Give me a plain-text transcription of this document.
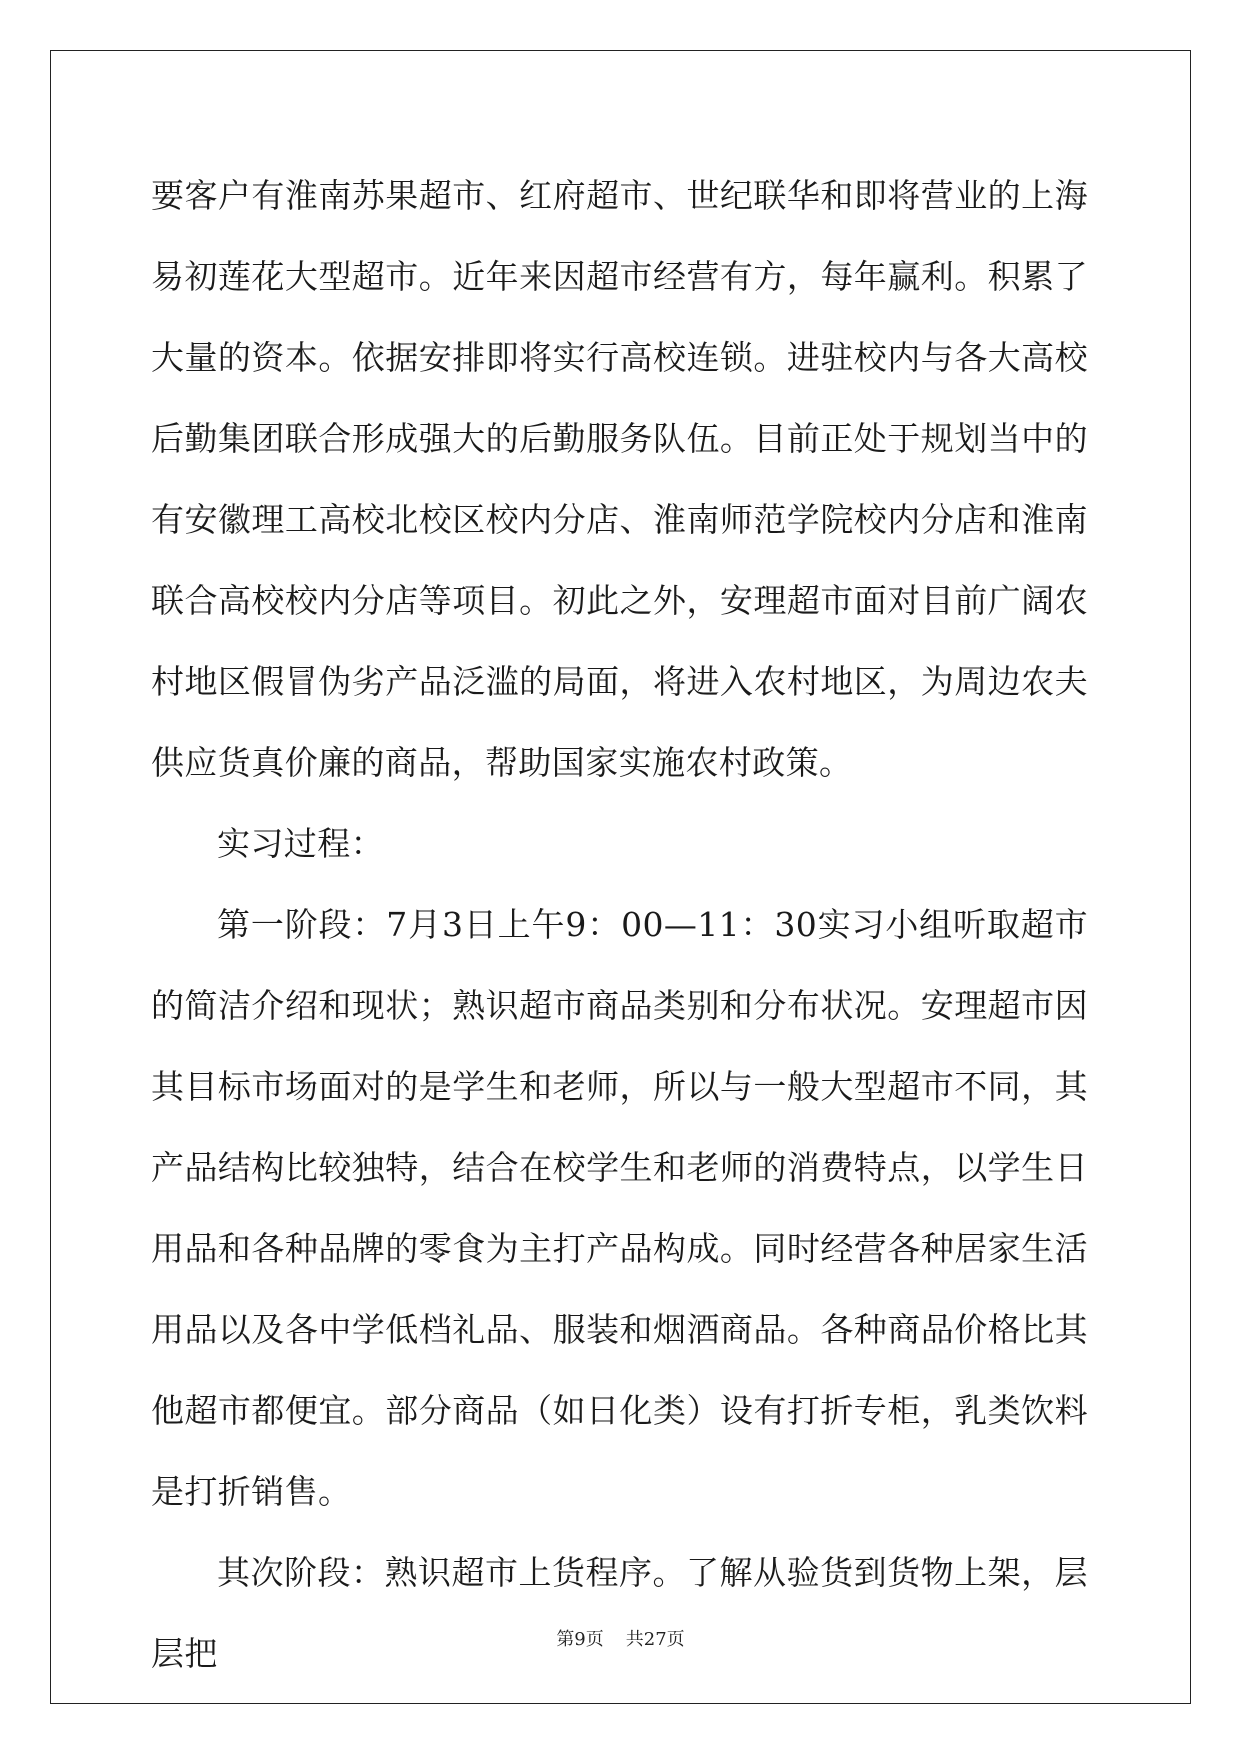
要客户有淮南苏果超市、红府超市、世纪联华和即将营业的上海易初莲花大型超市。近年来因超市经营有方，每年赢利。积累了大量的资本。依据安排即将实行高校连锁。进驻校内与各大高校后勤集团联合形成强大的后勤服务队伍。目前正处于规划当中的有安徽理工高校北校区校内分店、淮南师范学院校内分店和淮南联合高校校内分店等项目。初此之外，安理超市面对目前广阔农村地区假冒伪劣产品泛滥的局面，将进入农村地区，为周边农夫供应货真价廉的商品，帮助国家实施农村政策。

实习过程：

第一阶段：7月3日上午9：00—11：30实习小组听取超市的简洁介绍和现状；熟识超市商品类别和分布状况。安理超市因其目标市场面对的是学生和老师，所以与一般大型超市不同，其产品结构比较独特，结合在校学生和老师的消费特点，以学生日用品和各种品牌的零食为主打产品构成。同时经营各种居家生活用品以及各中学低档礼品、服装和烟酒商品。各种商品价格比其他超市都便宜。部分商品（如日化类）设有打折专柜，乳类饮料是打折销售。

其次阶段：熟识超市上货程序。了解从验货到货物上架，层层把	第9页 共27页
